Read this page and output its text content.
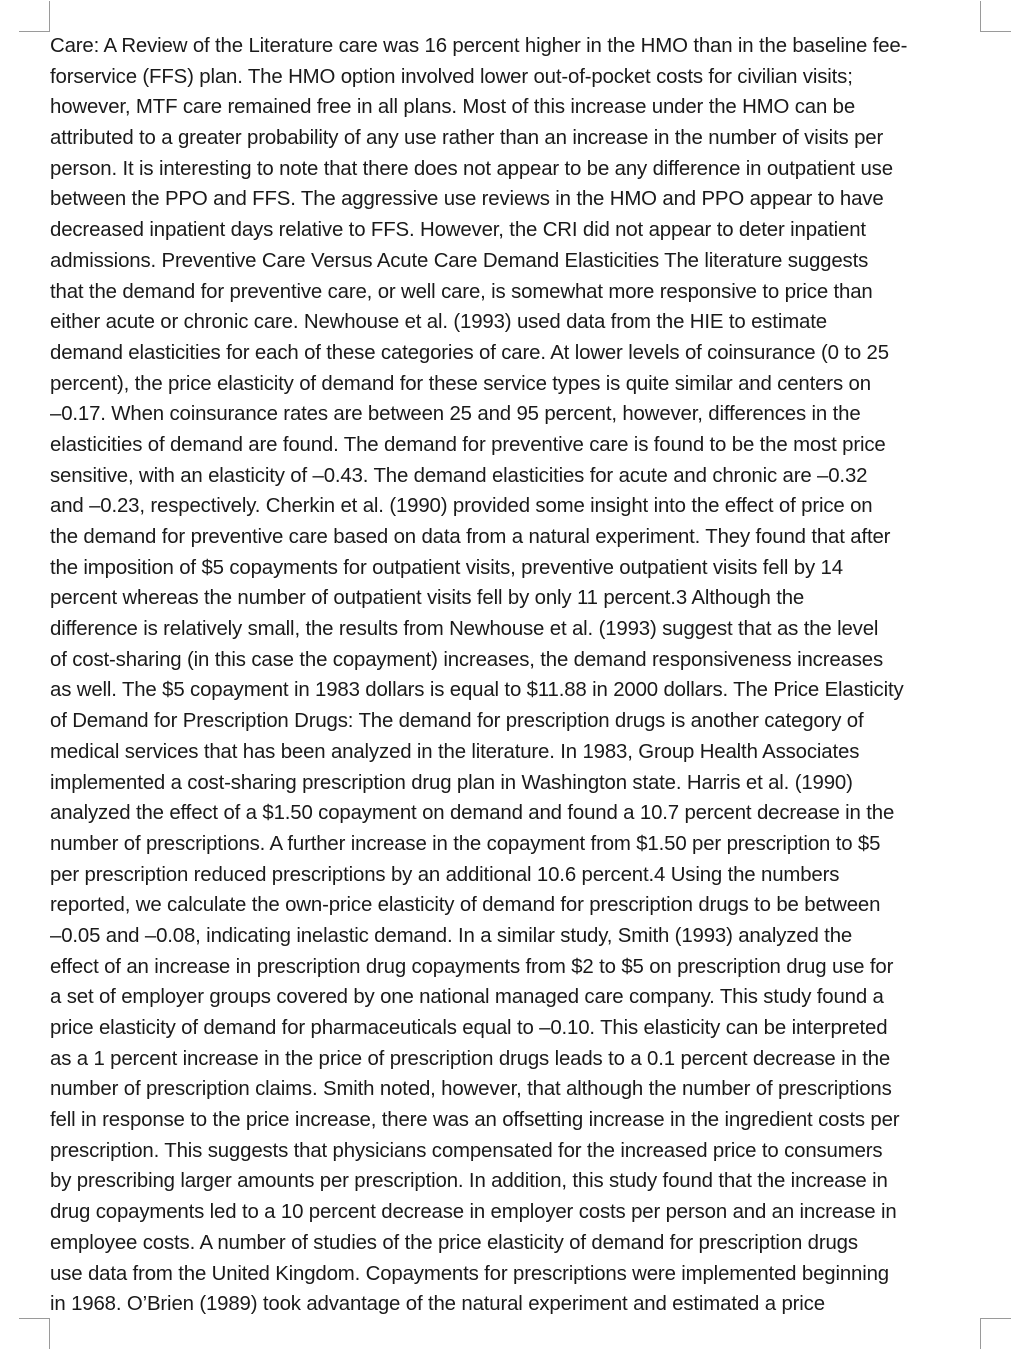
Care: A Review of the Literature care was 16 percent higher in the HMO than in the baseline fee-
forservice (FFS) plan. The HMO option involved lower out-of-pocket costs for civilian visits;
however, MTF care remained free in all plans. Most of this increase under the HMO can be
attributed to a greater probability of any use rather than an increase in the number of visits per
person. It is interesting to note that there does not appear to be any difference in outpatient use
between the PPO and FFS. The aggressive use reviews in the HMO and PPO appear to have
decreased inpatient days relative to FFS. However, the CRI did not appear to deter inpatient
admissions. Preventive Care Versus Acute Care Demand Elasticities The literature suggests
that the demand for preventive care, or well care, is somewhat more responsive to price than
either acute or chronic care. Newhouse et al. (1993) used data from the HIE to estimate
demand elasticities for each of these categories of care. At lower levels of coinsurance (0 to 25
percent), the price elasticity of demand for these service types is quite similar and centers on
–0.17. When coinsurance rates are between 25 and 95 percent, however, differences in the
elasticities of demand are found. The demand for preventive care is found to be the most price
sensitive, with an elasticity of –0.43. The demand elasticities for acute and chronic are –0.32
and –0.23, respectively. Cherkin et al. (1990) provided some insight into the effect of price on
the demand for preventive care based on data from a natural experiment. They found that after
the imposition of $5 copayments for outpatient visits, preventive outpatient visits fell by 14
percent whereas the number of outpatient visits fell by only 11 percent.3 Although the
difference is relatively small, the results from Newhouse et al. (1993) suggest that as the level
of cost-sharing (in this case the copayment) increases, the demand responsiveness increases
as well. The $5 copayment in 1983 dollars is equal to $11.88 in 2000 dollars. The Price Elasticity
of Demand for Prescription Drugs: The demand for prescription drugs is another category of
medical services that has been analyzed in the literature. In 1983, Group Health Associates
implemented a cost-sharing prescription drug plan in Washington state. Harris et al. (1990)
analyzed the effect of a $1.50 copayment on demand and found a 10.7 percent decrease in the
number of prescriptions. A further increase in the copayment from $1.50 per prescription to $5
per prescription reduced prescriptions by an additional 10.6 percent.4 Using the numbers
reported, we calculate the own-price elasticity of demand for prescription drugs to be between
–0.05 and –0.08, indicating inelastic demand. In a similar study, Smith (1993) analyzed the
effect of an increase in prescription drug copayments from $2 to $5 on prescription drug use for
a set of employer groups covered by one national managed care company. This study found a
price elasticity of demand for pharmaceuticals equal to –0.10. This elasticity can be interpreted
as a 1 percent increase in the price of prescription drugs leads to a 0.1 percent decrease in the
number of prescription claims. Smith noted, however, that although the number of prescriptions
fell in response to the price increase, there was an offsetting increase in the ingredient costs per
prescription. This suggests that physicians compensated for the increased price to consumers
by prescribing larger amounts per prescription. In addition, this study found that the increase in
drug copayments led to a 10 percent decrease in employer costs per person and an increase in
employee costs. A number of studies of the price elasticity of demand for prescription drugs
use data from the United Kingdom. Copayments for prescriptions were implemented beginning
in 1968. O’Brien (1989) took advantage of the natural experiment and estimated a price
